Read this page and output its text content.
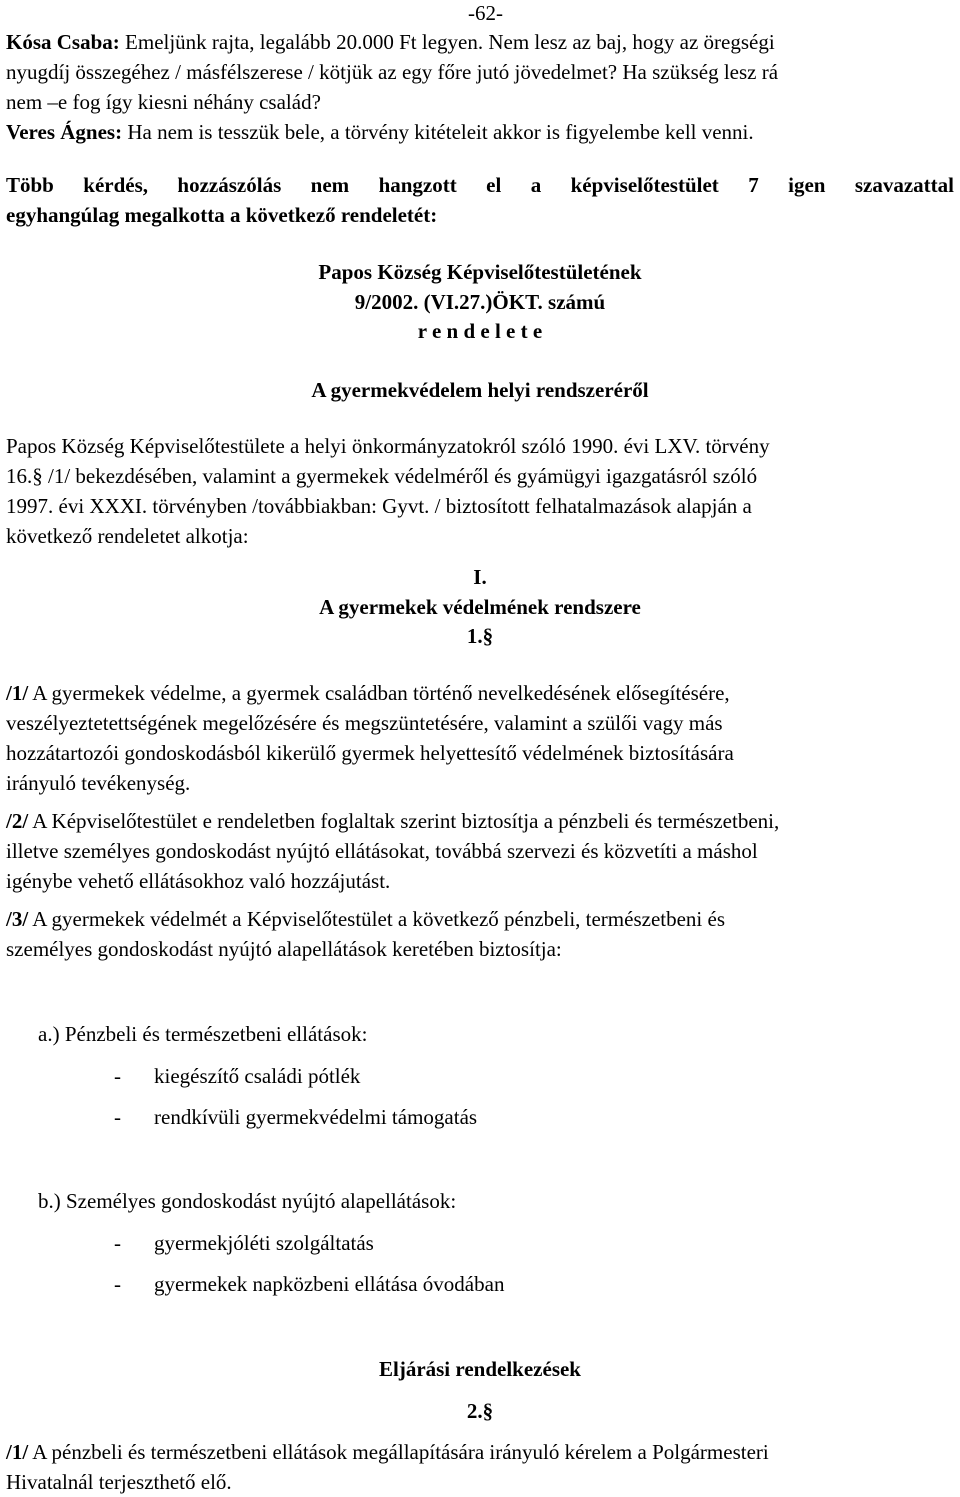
-62-
Kósa Csaba: Emeljünk rajta, legalább 20.000 Ft legyen. Nem lesz az baj, hogy az öregségi
nyugdíj összegéhez / másfélszerese / kötjük az egy főre jutó jövedelmet? Ha szükség lesz rá
nem –e fog így kiesni néhány család?
Veres Ágnes: Ha nem is tesszük bele, a törvény kitételeit akkor is figyelembe kell venni.
Több kérdés, hozzászólás nem hangzott el a képviselőtestület 7 igen szavazattal
egyhangúlag megalkotta a következő rendeletét:
Papos Község Képviselőtestületének
9/2002. (VI.27.)ÖKT. számú
r e n d e l e t e
A gyermekvédelem helyi rendszeréről
Papos Község Képviselőtestülete a helyi önkormányzatokról szóló 1990. évi LXV. törvény
16.§ /1/ bekezdésében, valamint a gyermekek védelméről és gyámügyi igazgatásról szóló
1997. évi XXXI. törvényben /továbbiakban: Gyvt. / biztosított felhatalmazások alapján a
következő rendeletet alkotja:
I.
A gyermekek védelmének rendszere
1.§
/1/ A gyermekek védelme, a gyermek családban történő nevelkedésének elősegítésére,
veszélyeztetettségének megelőzésére és megszüntetésére, valamint a szülői vagy más
hozzátartozói gondoskodásból kikerülő gyermek helyettesítő védelmének biztosítására
irányuló tevékenység.
/2/ A Képviselőtestület e rendeletben foglaltak szerint biztosítja a pénzbeli és természetbeni,
illetve személyes gondoskodást nyújtó ellátásokat, továbbá szervezi és közvetíti a máshol
igénybe vehető ellátásokhoz való hozzájutást.
/3/ A gyermekek védelmét a Képviselőtestület a következő pénzbeli, természetbeni és
személyes gondoskodást nyújtó alapellátások keretében biztosítja:
a.) Pénzbeli és természetbeni ellátások:
- kiegészítő családi pótlék
- rendkívüli gyermekvédelmi támogatás
b.) Személyes gondoskodást nyújtó alapellátások:
- gyermekjóléti szolgáltatás
- gyermekek napközbeni ellátása óvodában
Eljárási rendelkezések
2.§
/1/ A pénzbeli és természetbeni ellátások megállapítására irányuló kérelem a Polgármesteri
Hivatalnál terjeszthető elő.
